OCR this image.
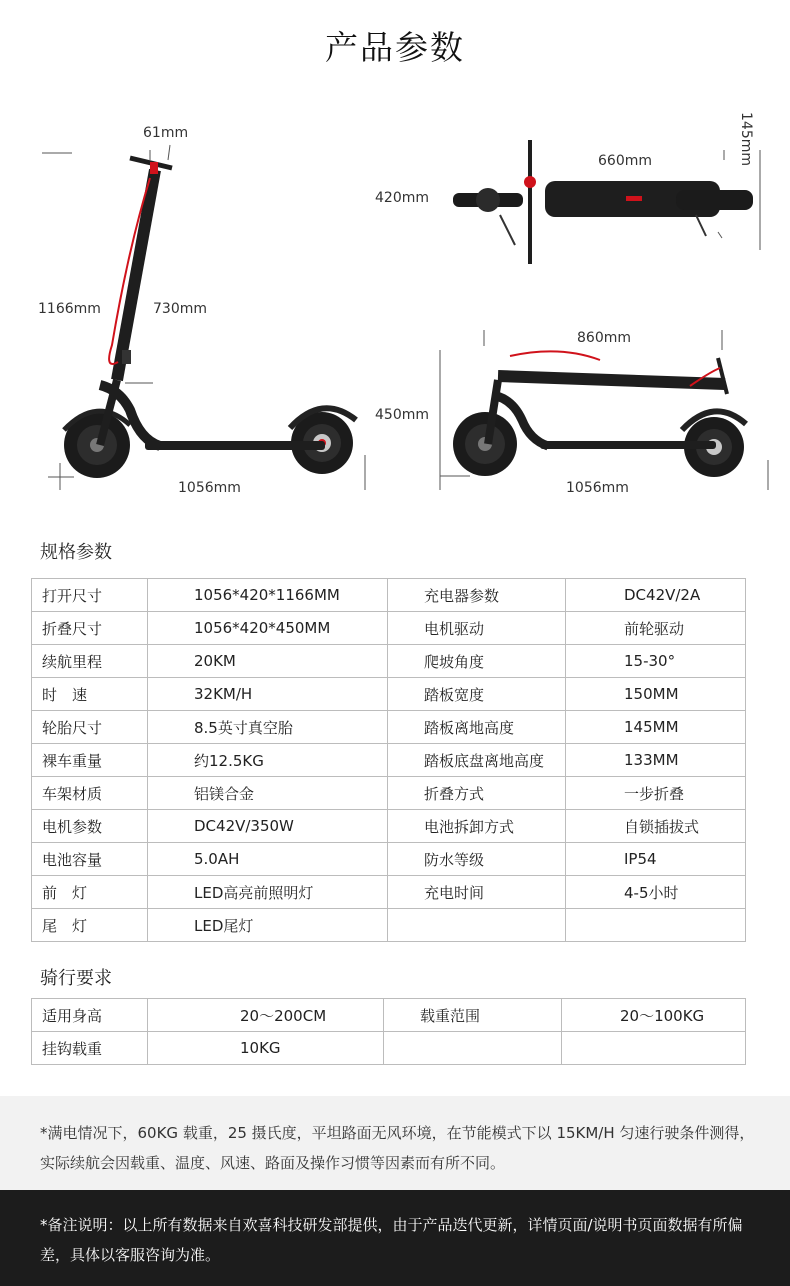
产品参数
61mm
1166mm	730mm
1056mm
420mm
660mm	145mm
860mm
450mm
1056mm
规格参数
打开尺寸	1056*420*1166MM	充电器参数	DC42V/2A
折叠尺寸	1056*420*450MM	电机驱动	前轮驱动
续航里程	20KM	爬坡角度	15-30°
时　速	32KM/H	踏板宽度	150MM
轮胎尺寸	8.5英寸真空胎	踏板离地高度	145MM
裸车重量	约12.5KG	踏板底盘离地高度	133MM
车架材质	铝镁合金	折叠方式	一步折叠
电机参数	DC42V/350W	电池拆卸方式	自锁插拔式
电池容量	5.0AH	防水等级	IP54
前　灯	LED高亮前照明灯	充电时间	4-5小时
尾　灯	LED尾灯		
骑行要求
适用身高	20～200CM	载重范围	20～100KG
挂钩载重	10KG		

*满电情况下，60KG 载重，25 摄氏度，平坦路面无风环境，在节能模式下以 15KM/H 匀速行驶条件测得，实际续航会因载重、温度、风速、路面及操作习惯等因素而有所不同。

*备注说明：以上所有数据来自欢喜科技研发部提供，由于产品迭代更新，详情页面/说明书页面数据有所偏差，具体以客服咨询为准。
